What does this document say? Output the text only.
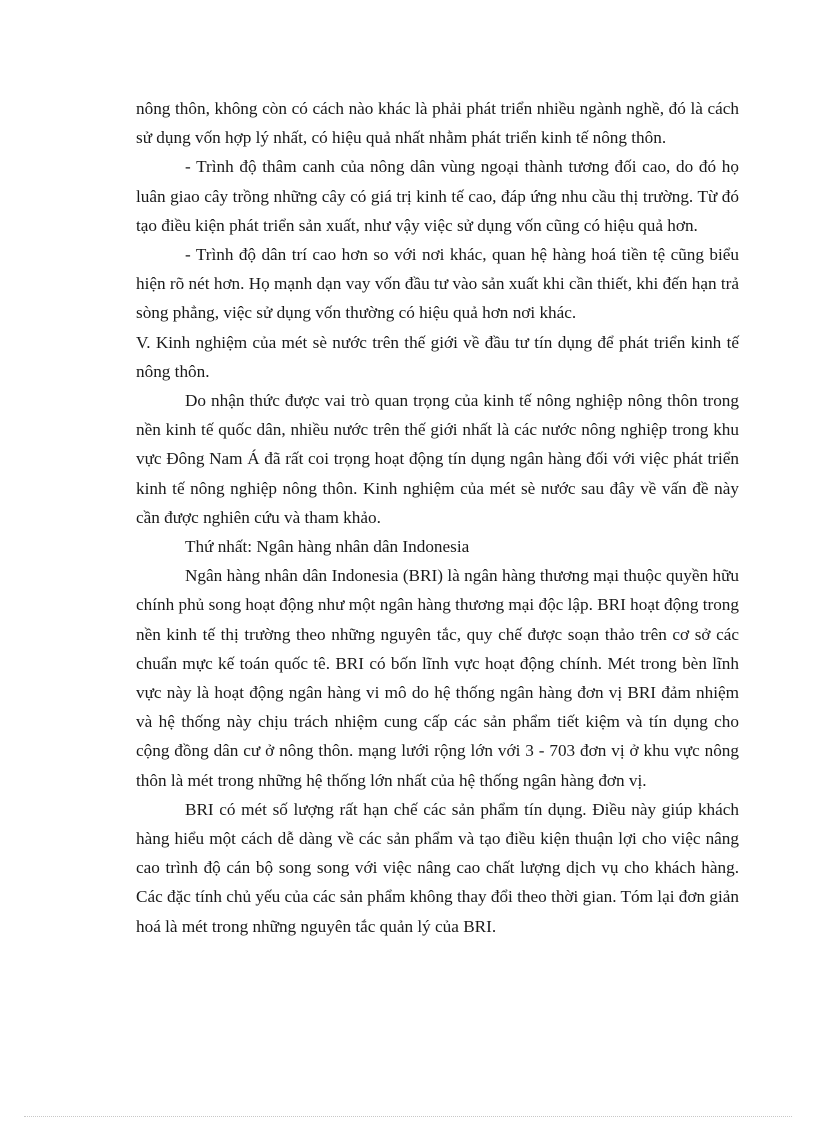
nông thôn, không còn có cách nào khác là phải phát triển nhiều ngành nghề, đó là cách sử dụng vốn hợp lý nhất, có hiệu quả nhất nhằm phát triển kinh tế nông thôn.

- Trình độ thâm canh của nông dân vùng ngoại thành tương đối cao, do đó họ luân giao cây trồng những cây có giá trị kinh tế cao, đáp ứng nhu cầu thị trường. Từ đó tạo điều kiện phát triển sản xuất, như vậy việc sử dụng vốn cũng có hiệu quả hơn.

- Trình độ dân trí cao hơn so với nơi khác, quan hệ hàng hoá tiền tệ cũng biểu hiện rõ nét hơn. Họ mạnh dạn vay vốn đầu tư vào sản xuất khi cần thiết, khi đến hạn trả sòng phẳng, việc sử dụng vốn thường có hiệu quả hơn nơi khác.

V. Kinh nghiệm của mét sè nước trên thế giới về đầu tư tín dụng để phát triển kinh tế nông thôn.

Do nhận thức được vai trò quan trọng của kinh tế nông nghiệp nông thôn trong nền kinh tế quốc dân, nhiều nước trên thế giới nhất là các nước nông nghiệp trong khu vực Đông Nam Á đã rất coi trọng hoạt động tín dụng ngân hàng đối với việc phát triển kinh tế nông nghiệp nông thôn. Kinh nghiệm của mét sè nước sau đây về vấn đề này cần được nghiên cứu và tham khảo.

Thứ nhất: Ngân hàng nhân dân Indonesia

Ngân hàng nhân dân Indonesia (BRI) là ngân hàng thương mại thuộc quyền hữu chính phủ song hoạt động như một ngân hàng thương mại độc lập. BRI hoạt động trong nền kinh tế thị trường theo những nguyên tắc, quy chế được soạn thảo trên cơ sở các chuẩn mực kế toán quốc tê. BRI có bốn lĩnh vực hoạt động chính. Mét trong bèn lĩnh vực này là hoạt động ngân hàng vi mô do hệ thống ngân hàng đơn vị BRI đảm nhiệm và hệ thống này chịu trách nhiệm cung cấp các sản phẩm tiết kiệm và tín dụng cho cộng đồng dân cư ở nông thôn. mạng lưới rộng lớn với 3 - 703 đơn vị ở khu vực nông thôn là mét trong những hệ thống lớn nhất của hệ thống ngân hàng đơn vị.

BRI có mét số lượng rất hạn chế các sản phẩm tín dụng. Điều này giúp khách hàng hiểu một cách dễ dàng về các sản phẩm và tạo điều kiện thuận lợi cho việc nâng cao trình độ cán bộ song song với việc nâng cao chất lượng dịch vụ cho khách hàng. Các đặc tính chủ yếu của các sản phẩm không thay đổi theo thời gian. Tóm lại đơn giản hoá là mét trong những nguyên tắc quản lý của BRI.
